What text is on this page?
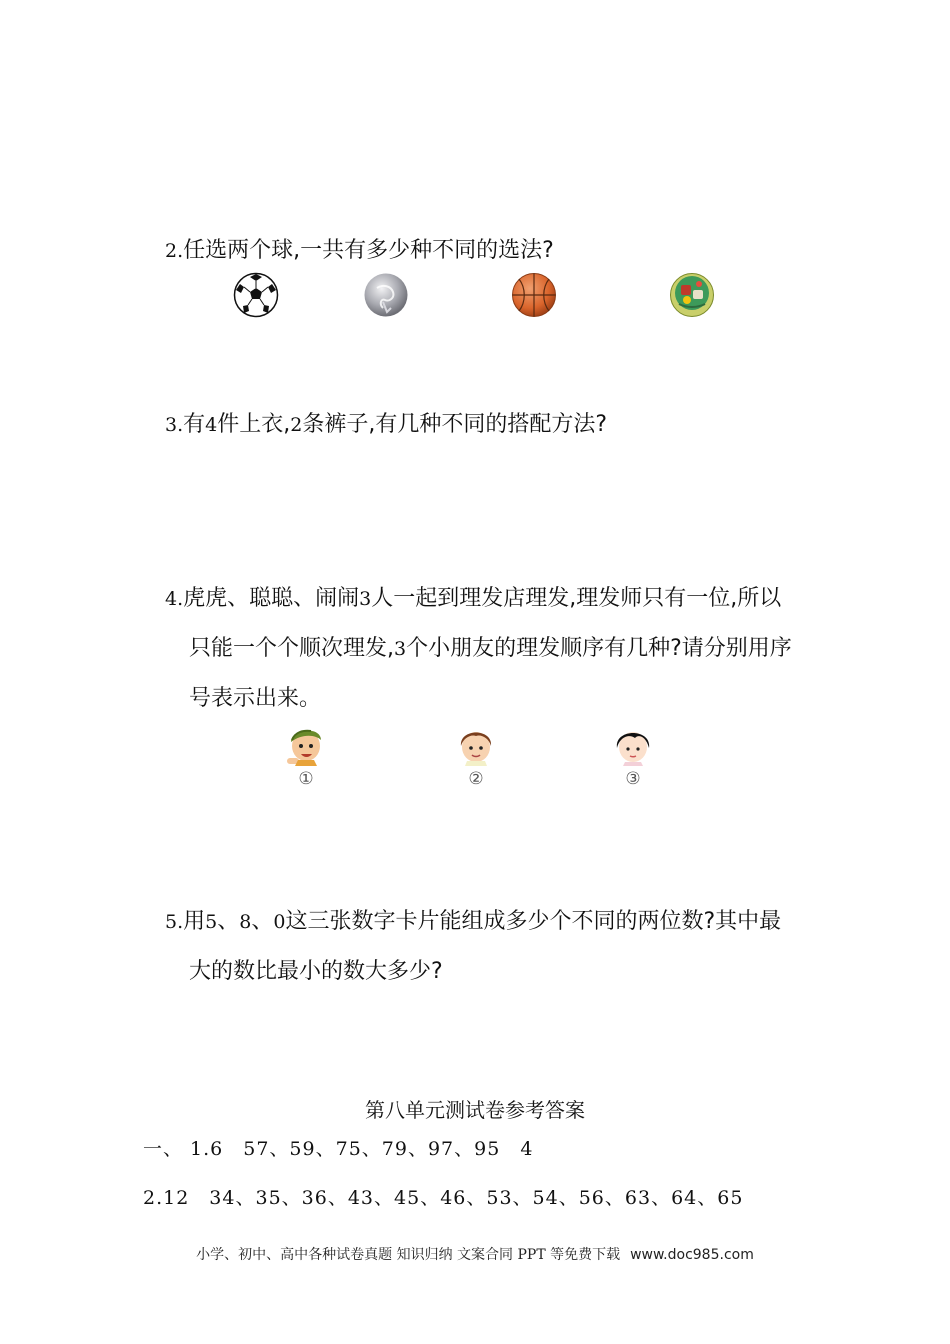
2.任选两个球,一共有多少种不同的选法?
3.有4件上衣,2条裤子,有几种不同的搭配方法?
4.虎虎、聪聪、闹闹3人一起到理发店理发,理发师只有一位,所以
只能一个个顺次理发,3个小朋友的理发顺序有几种?请分别用序
号表示出来。
①	②	③
5.用5、8、0这三张数字卡片能组成多少个不同的两位数?其中最
大的数比最小的数大多少?
第八单元测试卷参考答案
一、 1.6　57、59、75、79、97、95　4
2.12　34、35、36、43、45、46、53、54、56、63、64、65
小学、初中、高中各种试卷真题 知识归纳 文案合同 PPT 等免费下载 www.doc985.com
